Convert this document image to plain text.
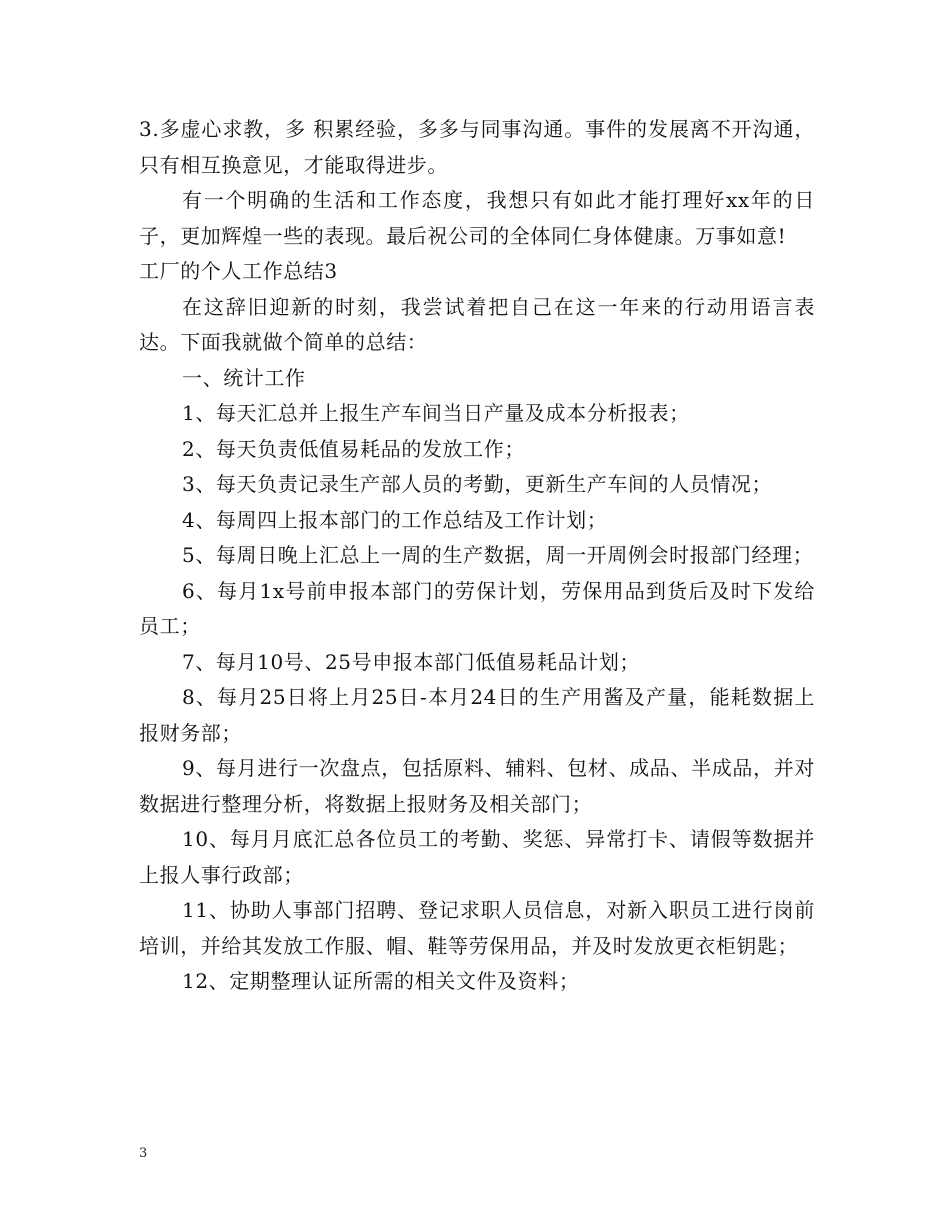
3.多虚心求教，多 积累经验，多多与同事沟通。事件的发展离不开沟通，只有相互换意见，才能取得进步。

有一个明确的生活和工作态度，我想只有如此才能打理好xx年的日子，更加辉煌一些的表现。最后祝公司的全体同仁身体健康。万事如意!

工厂的个人工作总结3

在这辞旧迎新的时刻，我尝试着把自己在这一年来的行动用语言表达。下面我就做个简单的总结：

一、统计工作

1、每天汇总并上报生产车间当日产量及成本分析报表；

2、每天负责低值易耗品的发放工作；

3、每天负责记录生产部人员的考勤，更新生产车间的人员情况；

4、每周四上报本部门的工作总结及工作计划；

5、每周日晚上汇总上一周的生产数据，周一开周例会时报部门经理；

6、每月1x号前申报本部门的劳保计划，劳保用品到货后及时下发给员工；

7、每月10号、25号申报本部门低值易耗品计划；

8、每月25日将上月25日-本月24日的生产用酱及产量，能耗数据上报财务部；

9、每月进行一次盘点，包括原料、辅料、包材、成品、半成品，并对数据进行整理分析，将数据上报财务及相关部门；

10、每月月底汇总各位员工的考勤、奖惩、异常打卡、请假等数据并上报人事行政部；

11、协助人事部门招聘、登记求职人员信息，对新入职员工进行岗前培训，并给其发放工作服、帽、鞋等劳保用品，并及时发放更衣柜钥匙；

12、定期整理认证所需的相关文件及资料；

3
